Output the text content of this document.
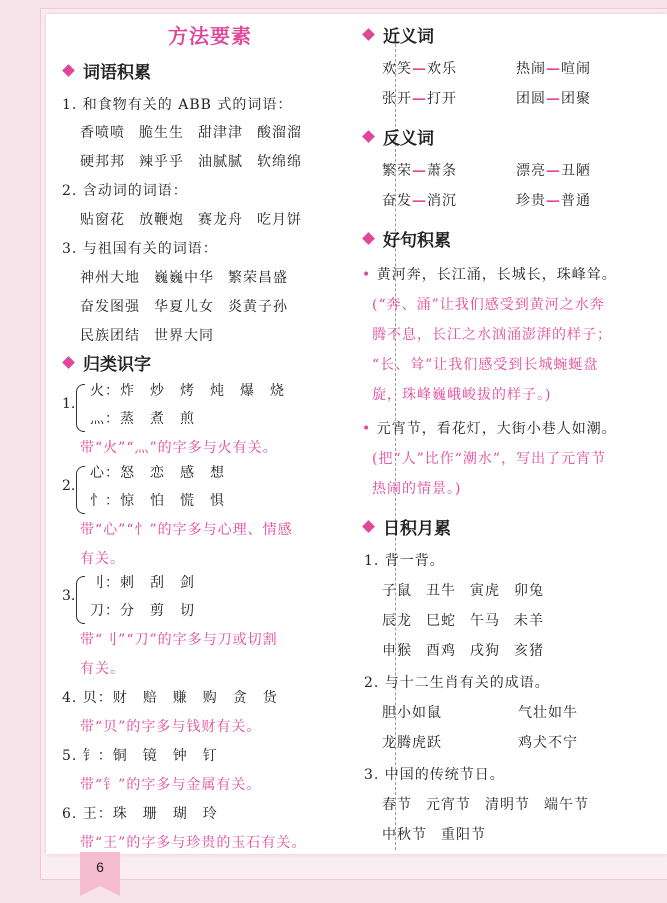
方法要素
词语积累
1. 和食物有关的 ABB 式的词语：
香喷喷 脆生生 甜津津 酸溜溜
硬邦邦 辣乎乎 油腻腻 软绵绵
2. 含动词的词语：
贴窗花 放鞭炮 赛龙舟 吃月饼
3. 与祖国有关的词语：
神州大地 巍巍中华 繁荣昌盛
奋发图强 华夏儿女 炎黄子孙
民族团结 世界大同
归类识字
1.
火：炸　炒　烤　炖　爆　烧
灬：蒸　煮　煎
带“火”“灬”的字多与火有关。
2.
心：怒　恋　感　想
忄：惊　怕　慌　惧
带“心”“忄”的字多与心理、情感
有关。
3.
刂：刺　刮　剑
刀：分　剪　切
带“刂”“刀”的字多与刀或切割
有关。
4. 贝：财　赔　赚　购　贪　货
带“贝”的字多与钱财有关。
5. 钅：铜　镜　钟　钉
带“钅”的字多与金属有关。
6. 王：珠　珊　瑚　玲
带“王”的字多与珍贵的玉石有关。
近义词
欢笑—欢乐	热闹—喧闹
张开—打开	团圆—团聚
反义词
繁荣—萧条	漂亮—丑陋
奋发—消沉	珍贵—普通
好句积累
• 黄河奔，长江涌，长城长，珠峰耸。
(“奔、涌”让我们感受到黄河之水奔
腾不息，长江之水汹涌澎湃的样子；
“长、耸”让我们感受到长城蜿蜒盘
旋，珠峰巍峨峻拔的样子。)
• 元宵节，看花灯，大街小巷人如潮。
(把“人”比作“潮水”，写出了元宵节
热闹的情景。)
日积月累
1. 背一背。
子鼠 丑牛 寅虎 卯兔
辰龙 巳蛇 午马 未羊
申猴 酉鸡 戌狗 亥猪
2. 与十二生肖有关的成语。
胆小如鼠	气壮如牛
龙腾虎跃	鸡犬不宁
3. 中国的传统节日。
春节 元宵节 清明节 端午节
中秋节 重阳节
6
